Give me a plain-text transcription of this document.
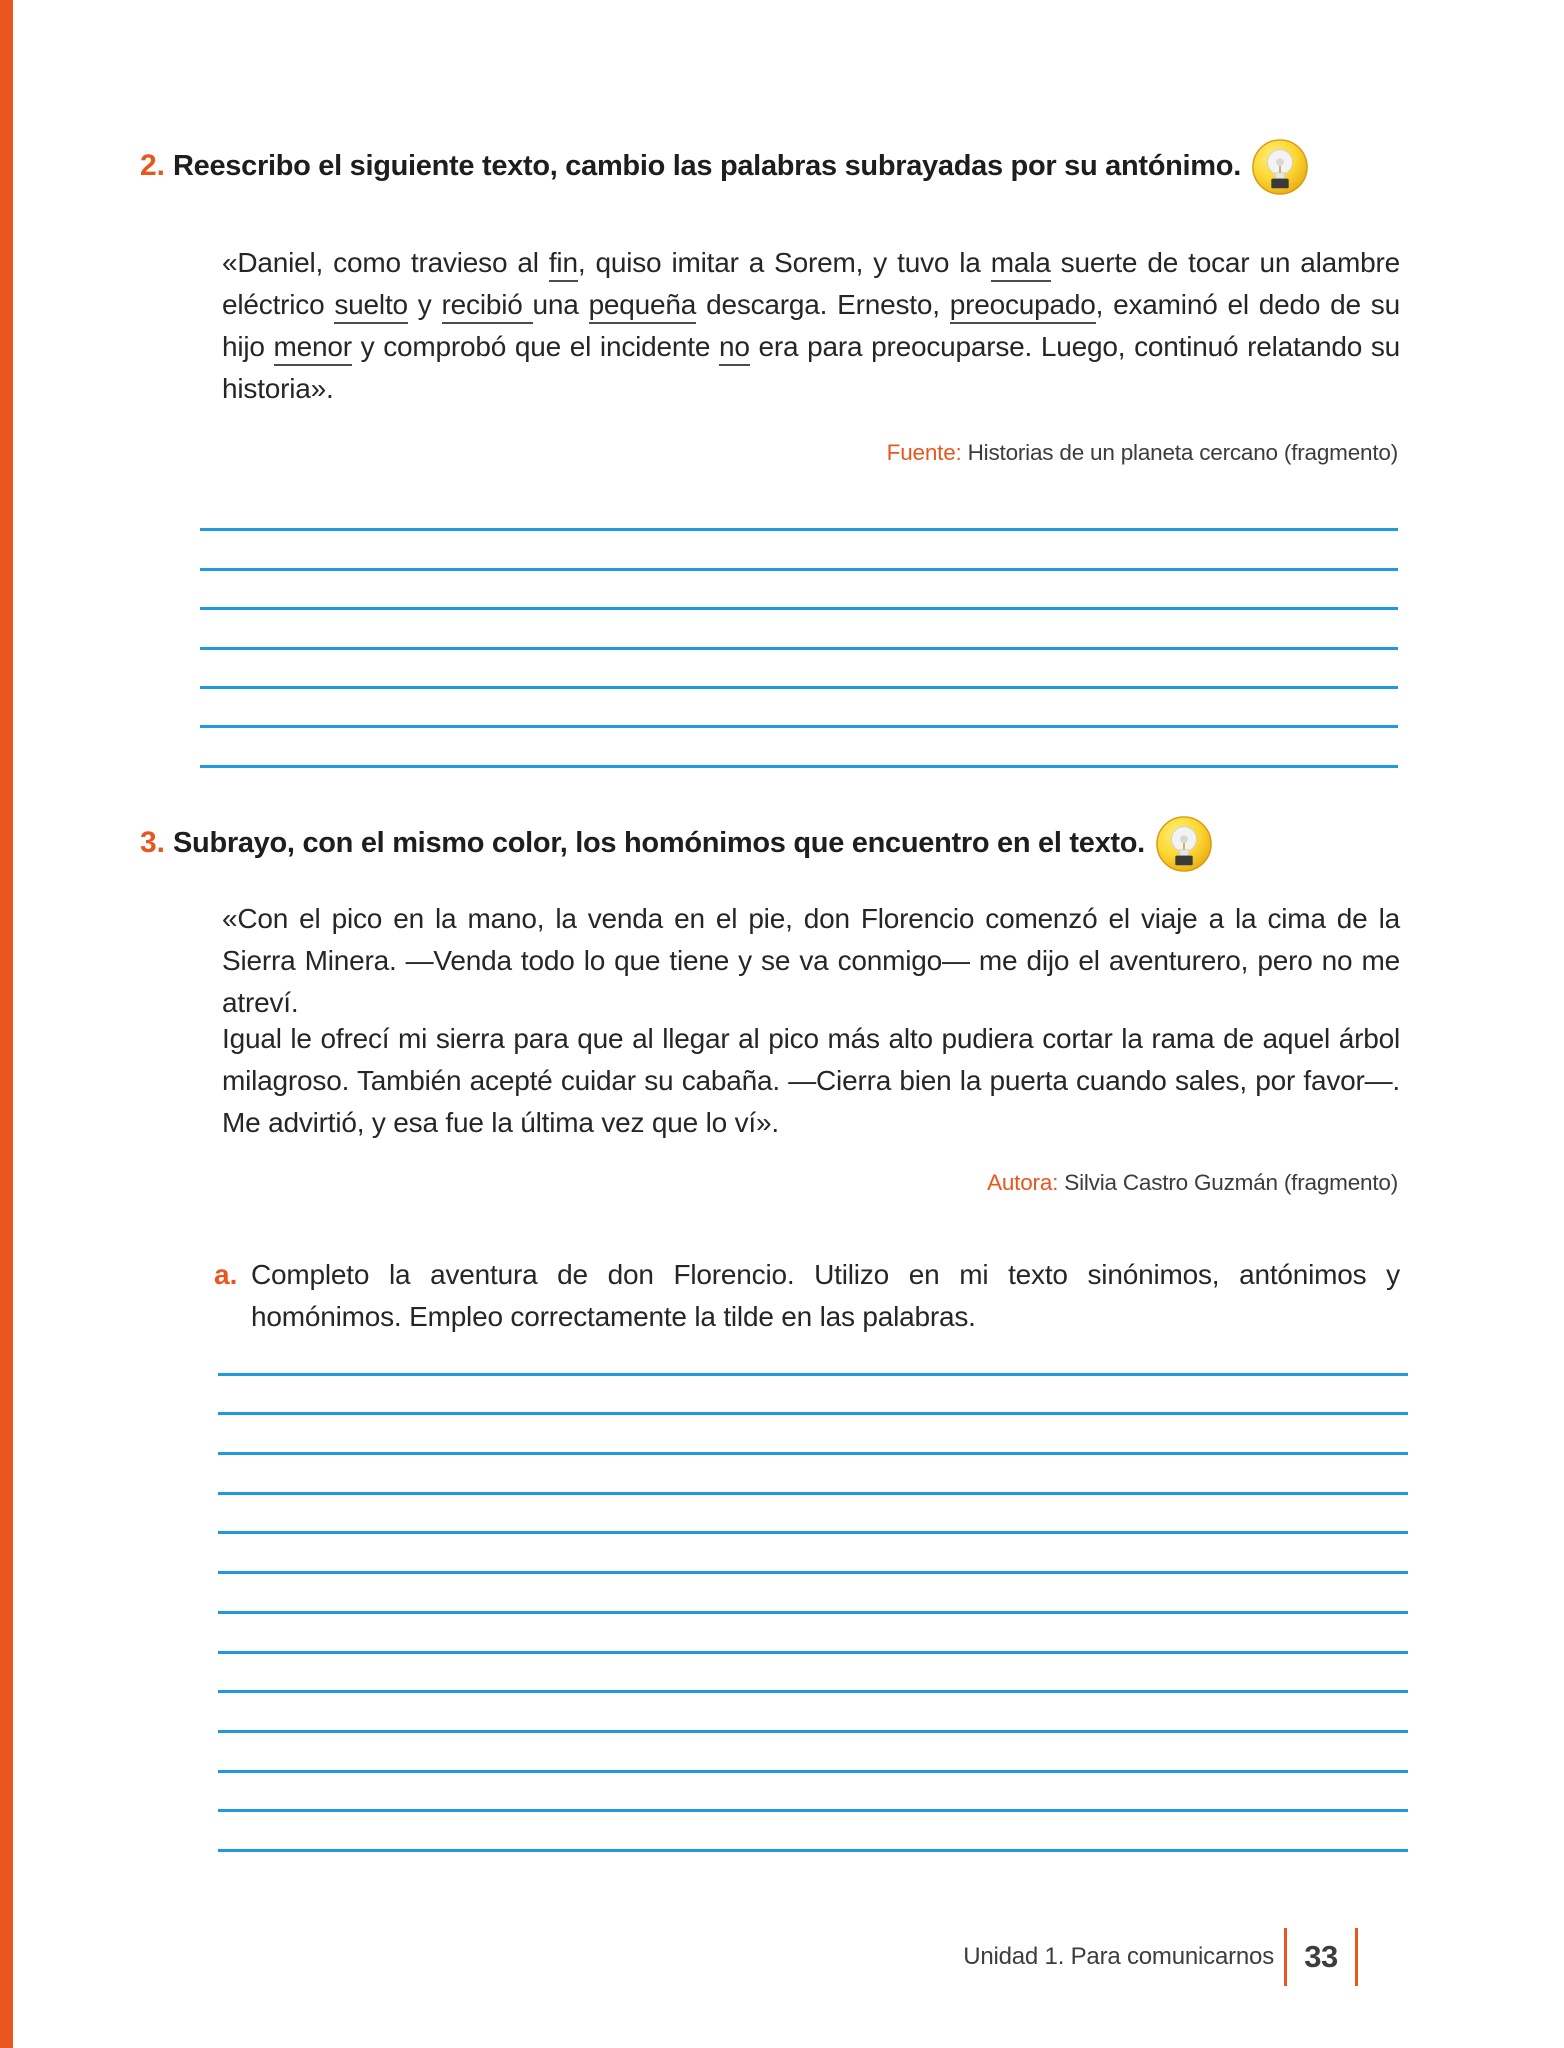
2. Reescribo el siguiente texto, cambio las palabras subrayadas por su antónimo.

«Daniel, como travieso al fin, quiso imitar a Sorem, y tuvo la mala suerte de tocar un alambre eléctrico suelto y recibió una pequeña descarga. Ernesto, preocupado, examinó el dedo de su hijo menor y comprobó que el incidente no era para preocuparse. Luego, continuó relatando su historia».

Fuente: Historias de un planeta cercano (fragmento)

3. Subrayo, con el mismo color, los homónimos que encuentro en el texto.

«Con el pico en la mano, la venda en el pie, don Florencio comenzó el viaje a la cima de la Sierra Minera. —Venda todo lo que tiene y se va conmigo— me dijo el aventurero, pero no me atreví.

Igual le ofrecí mi sierra para que al llegar al pico más alto pudiera cortar la rama de aquel árbol milagroso. También acepté cuidar su cabaña. —Cierra bien la puerta cuando sales, por favor—. Me advirtió, y esa fue la última vez que lo ví».

Autora: Silvia Castro Guzmán (fragmento)

a. Completo la aventura de don Florencio. Utilizo en mi texto sinónimos, antónimos y homónimos. Empleo correctamente la tilde en las palabras.
Unidad 1. Para comunicarnos 33
